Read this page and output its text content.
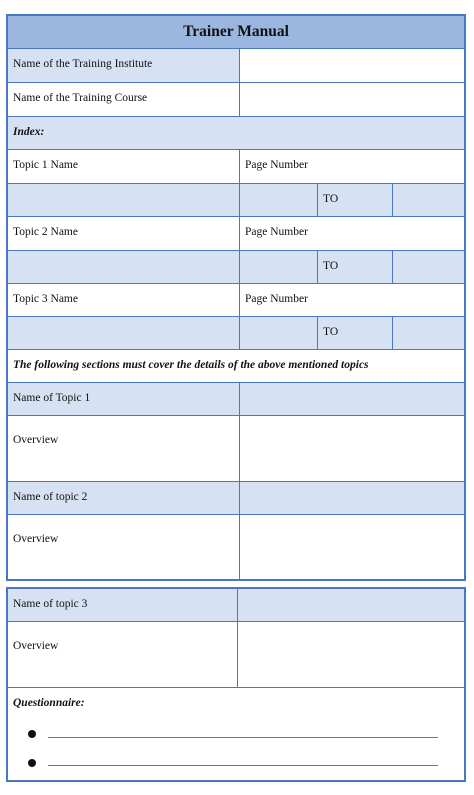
Trainer Manual
Name of the Training Institute
Name of the Training Course
Index:
Topic 1 Name	Page Number
TO
Topic 2 Name	Page Number
TO
Topic 3 Name	Page Number
TO
The following sections must cover the details of the above mentioned topics
Name of Topic 1
Overview
Name of topic 2
Overview
Name of topic 3
Overview
Questionnaire:
